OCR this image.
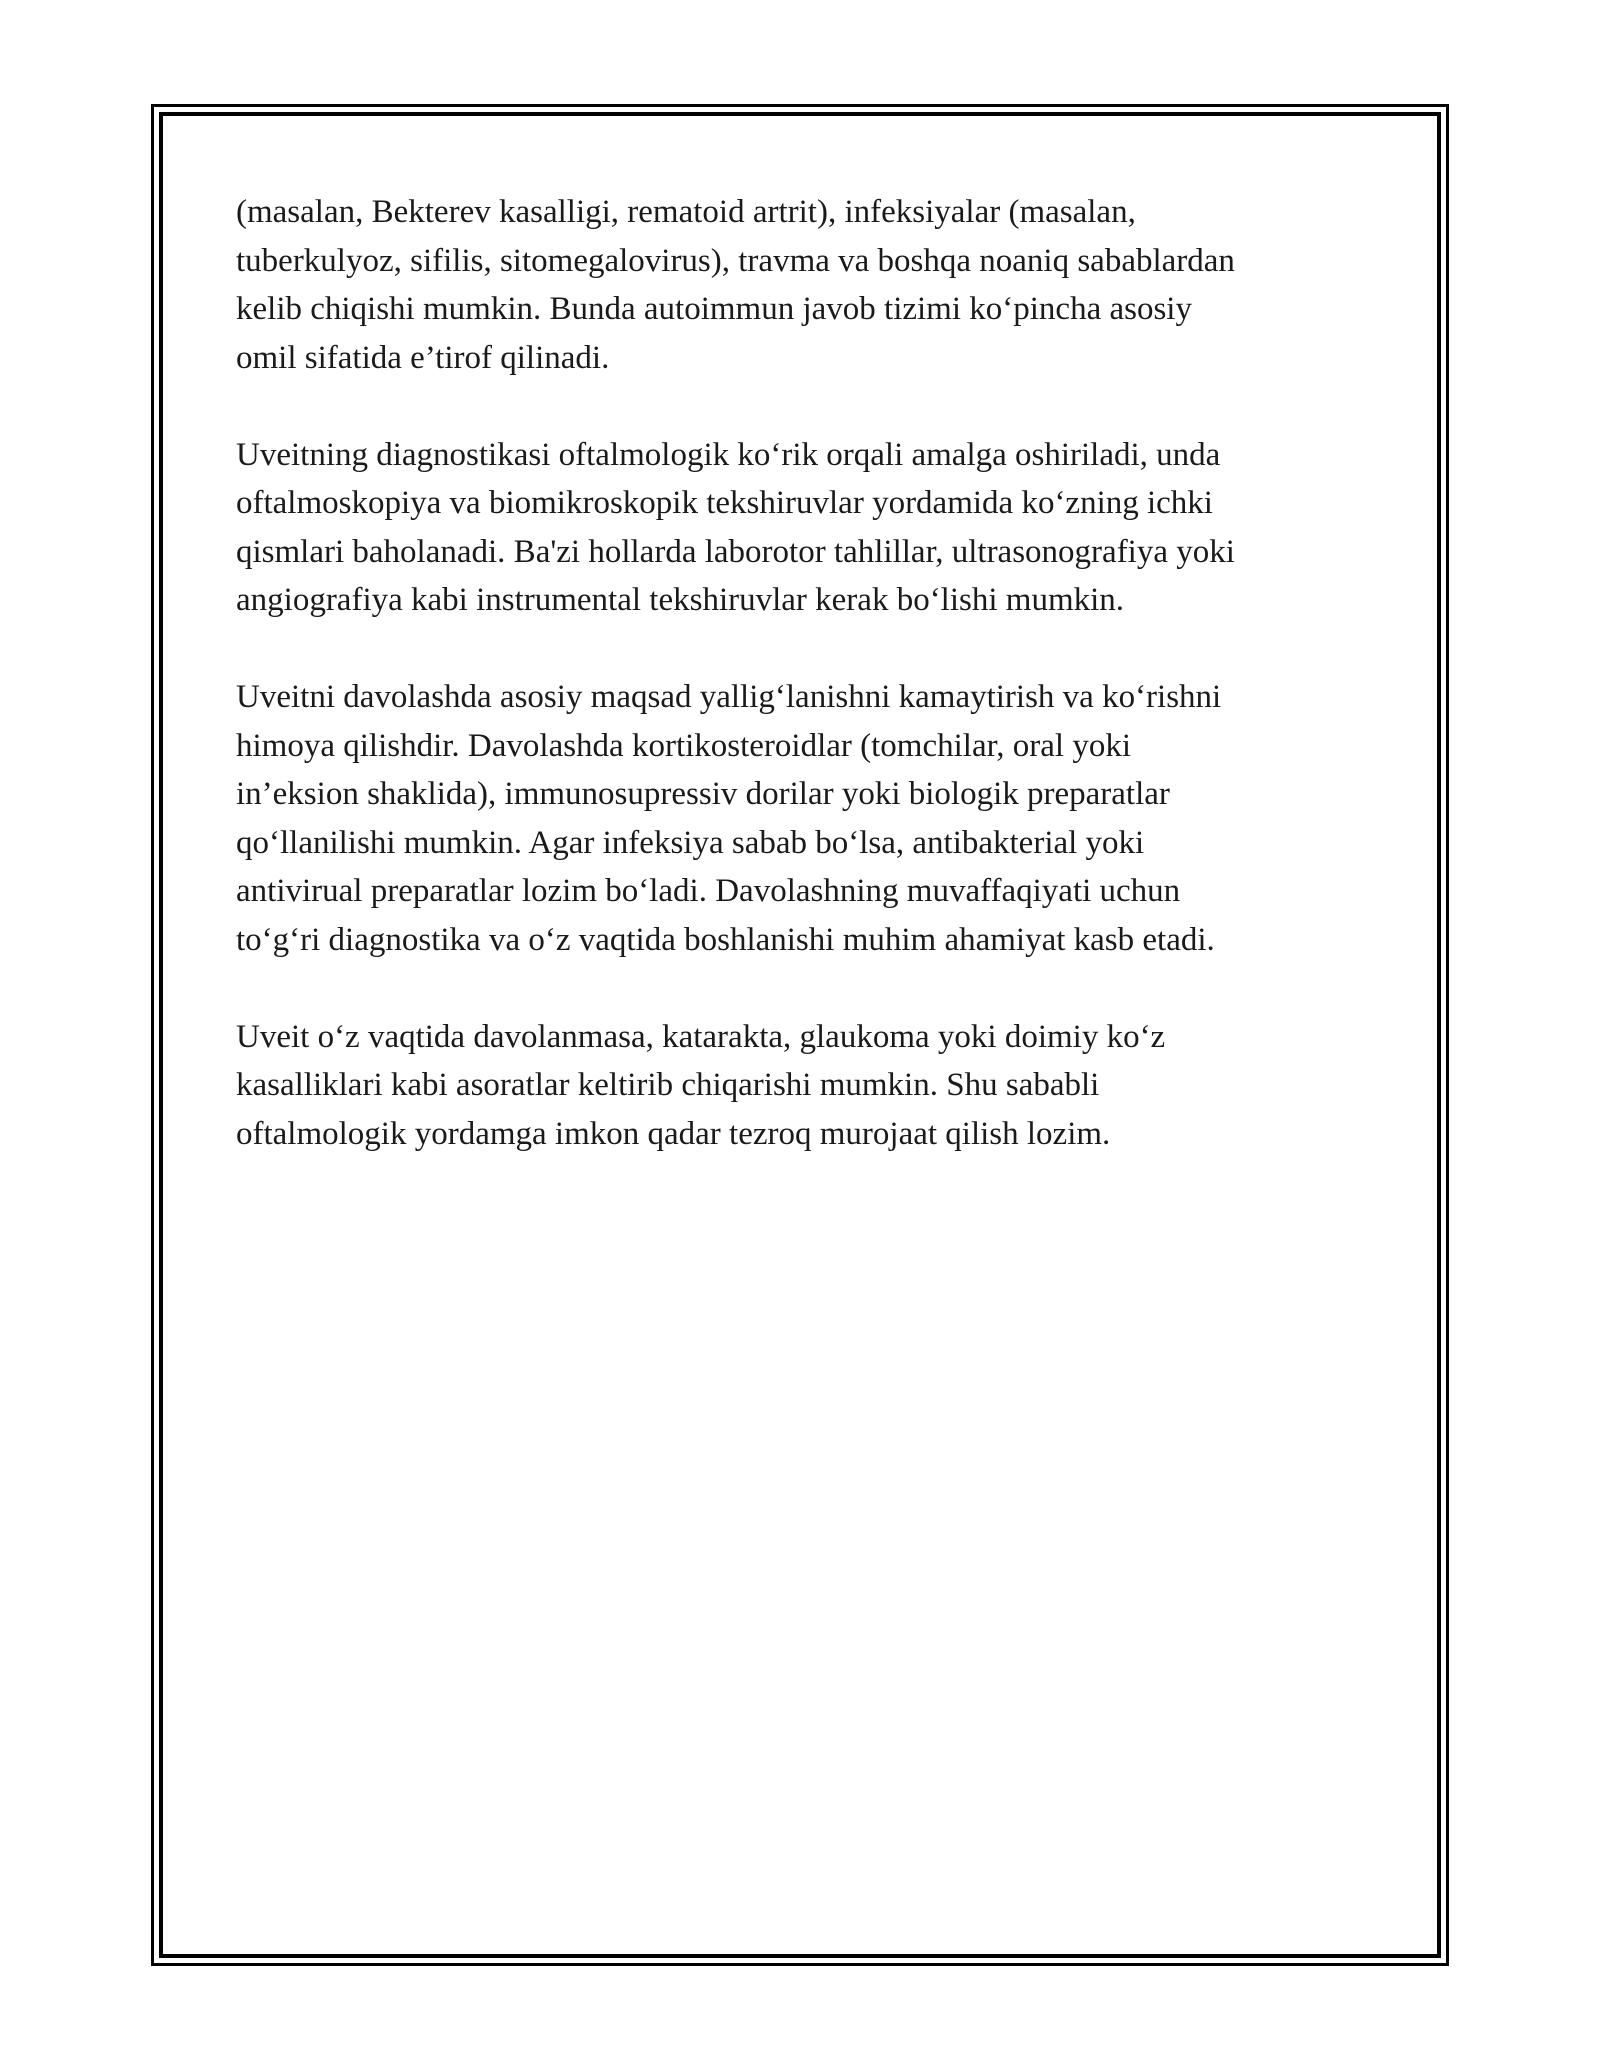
(masalan, Bekterev kasalligi, rematoid artrit), infeksiyalar (masalan,
tuberkulyoz, sifilis, sitomegalovirus), travma va boshqa noaniq sabablardan
kelib chiqishi mumkin. Bunda autoimmun javob tizimi ko‘pincha asosiy
omil sifatida e’tirof qilinadi.

Uveitning diagnostikasi oftalmologik ko‘rik orqali amalga oshiriladi, unda
oftalmoskopiya va biomikroskopik tekshiruvlar yordamida ko‘zning ichki
qismlari baholanadi. Ba'zi hollarda laborotor tahlillar, ultrasonografiya yoki
angiografiya kabi instrumental tekshiruvlar kerak bo‘lishi mumkin.

Uveitni davolashda asosiy maqsad yallig‘lanishni kamaytirish va ko‘rishni
himoya qilishdir. Davolashda kortikosteroidlar (tomchilar, oral yoki
in’eksion shaklida), immunosupressiv dorilar yoki biologik preparatlar
qo‘llanilishi mumkin. Agar infeksiya sabab bo‘lsa, antibakterial yoki
antivirual preparatlar lozim bo‘ladi. Davolashning muvaffaqiyati uchun
to‘g‘ri diagnostika va o‘z vaqtida boshlanishi muhim ahamiyat kasb etadi.

Uveit o‘z vaqtida davolanmasa, katarakta, glaukoma yoki doimiy ko‘z
kasalliklari kabi asoratlar keltirib chiqarishi mumkin. Shu sababli
oftalmologik yordamga imkon qadar tezroq murojaat qilish lozim.
